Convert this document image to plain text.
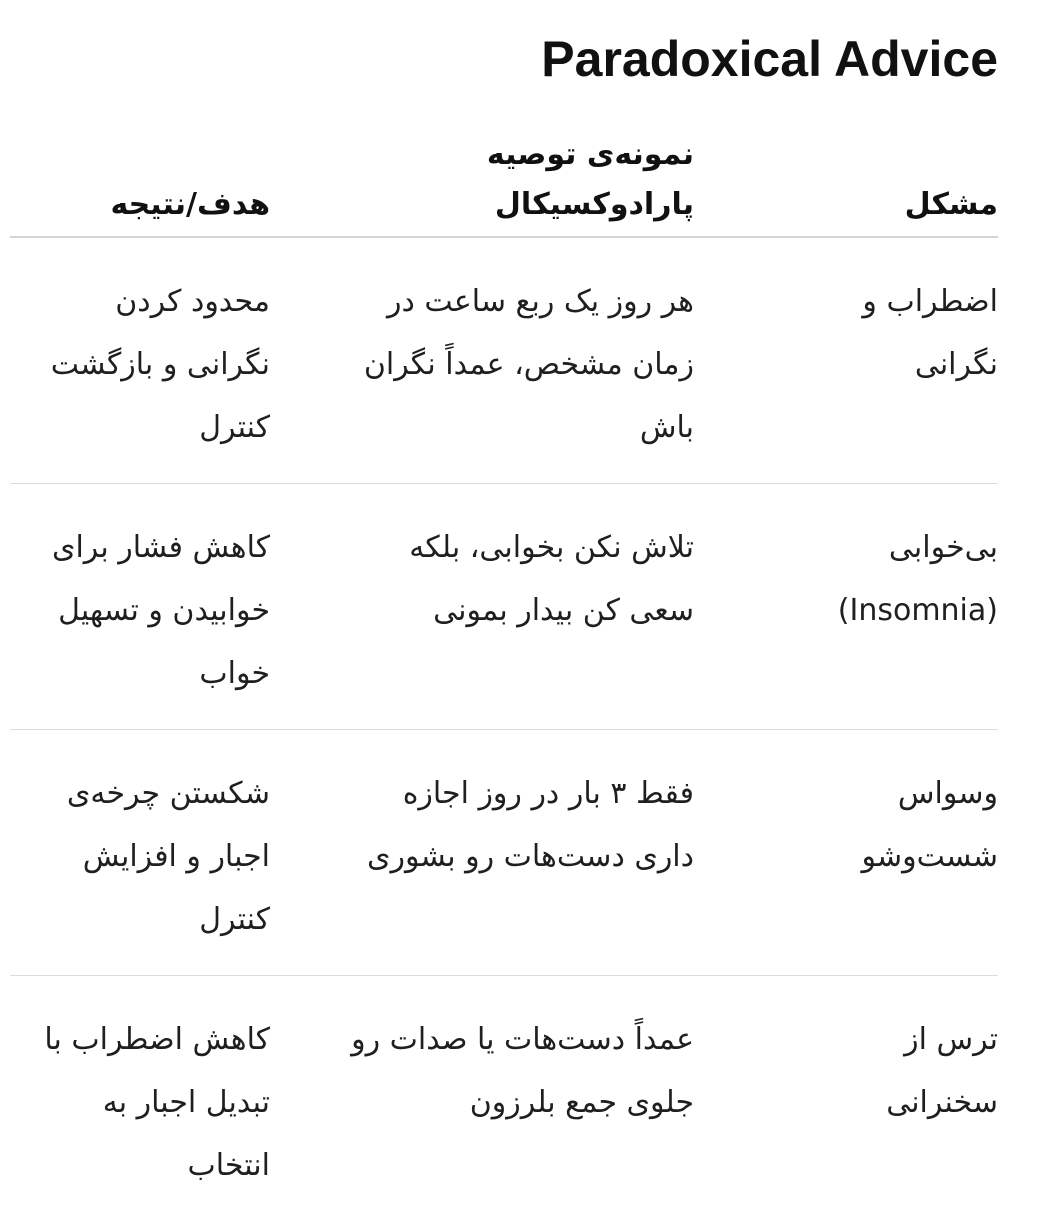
Paradoxical Advice
مشکل
نمونه‌ی توصیه پارادوکسیکال
هدف/نتیجه
اضطراب و نگرانی
هر روز یک ربع ساعت در زمان مشخص، عمداً نگران باش
محدود کردن نگرانی و بازگشت کنترل
بی‌خوابی (Insomnia)
تلاش نکن بخوابی، بلکه سعی کن بیدار بمونی
کاهش فشار برای خوابیدن و تسهیل خواب
وسواس شست‌وشو
فقط ۳ بار در روز اجازه داری دست‌هات رو بشوری
شکستن چرخه‌ی اجبار و افزایش کنترل
ترس از سخنرانی
عمداً دست‌هات یا صدات رو جلوی جمع بلرزون
کاهش اضطراب با تبدیل اجبار به انتخاب
